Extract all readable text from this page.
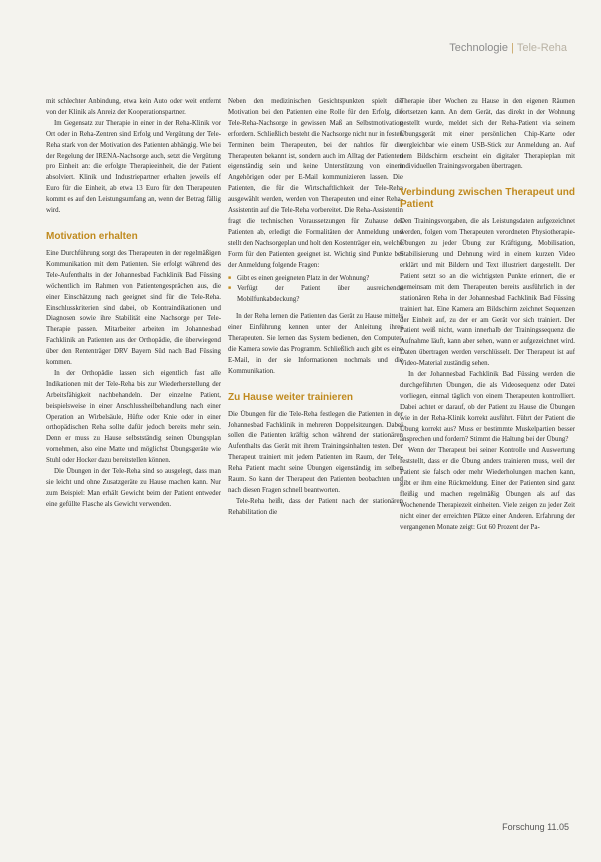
Technologie | Tele-Reha

mit schlechter Anbindung, etwa kein Auto oder weit entfernt von der Klinik als Anreiz der Kooperationspartner.

Im Gegensatz zur Therapie in einer in der Reha-Klinik vor Ort oder in Reha-Zentren sind Erfolg und Vergütung der Tele-Reha stark von der Motivation des Patienten abhängig. Wie bei der Regelung der IRENA-Nachsorge auch, setzt die Vergütung pro Einheit an: die erfolgte Therapieeinheit, die der Patient absolviert. Klinik und Industriepartner erhalten jeweils elf Euro für die Einheit, ab etwa 13 Euro für den Therapeuten kommt es auf den Leistungsumfang an, wenn der Betrag fällig wird.

Motivation erhalten

Eine Durchführung sorgt des Therapeuten in der regelmäßigen Kommunikation mit dem Patienten. Sie erfolgt während des Tele-Aufenthalts in der Johannesbad Fachklinik Bad Füssing wöchentlich im Rahmen von Patientengesprächen aus, die einer Einschätzung nach geeignet sind für die Tele-Reha. Einschlusskriterien sind dabei, ob Kontraindikationen und Diagnosen sowie ihre Stabilität eine Nachsorge per Tele-Therapie passen. Mitarbeiter arbeiten im Johannesbad Fachklinik an Patienten aus der Orthopädie, die überwiegend über den Rententräger DRV Bayern Süd nach Bad Füssing kommen.

In der Orthopädie lassen sich eigentlich fast alle Indikationen mit der Tele-Reha bis zur Wiederherstellung der Arbeitsfähigkeit nachbehandeln. Der einzelne Patient, beispielsweise in einer Anschlussheilbehandlung nach einer Operation an Wirbelsäule, Hüfte oder Knie oder in einer orthopädischen Reha sollte dafür jedoch bereits mehr sein. Denn er muss zu Hause selbstständig seinen Übungsplan vornehmen, also eine Matte und möglichst Übungsgeräte wie Stuhl oder Hocker dazu bereitstellen können.

Die Übungen in der Tele-Reha sind so ausgelegt, dass man sie leicht und ohne Zusatzgeräte zu Hause machen kann. Nur zum Beispiel: Man erhält Gewicht beim der Patient entweder eine gefüllte Flasche als Gewicht verwenden.

Neben den medizinischen Gesichtspunkten spielt die Motivation bei den Patienten eine Rolle für den Erfolg, die Tele-Reha-Nachsorge in gewissen Maß an Selbstmotivation erfordern. Schließlich besteht die Nachsorge nicht nur in festen Terminen beim Therapeuten, bei der nahtlos für die Therapeuten bekannt ist, sondern auch im Alltag der Patienten eigenständig sein und keine Unterstützung von einem Angehörigen oder per E-Mail kommunizieren lassen. Die Patienten, die für die Wirtschaftlichkeit der Tele-Reha ausgewählt werden, werden von Therapeuten und einer Reha-Assistentin auf die Tele-Reha vorbereitet. Die Reha-Assistentin fragt die technischen Voraussetzungen für Zuhause des Patienten ab, erledigt die Formalitäten der Anmeldung und stellt den Nachsorgeplan und holt den Kostenträger ein, welche Form für den Patienten geeignet ist. Wichtig sind Punkte bei der Anmeldung folgende Fragen:

■ Gibt es einen geeigneten Platz in der Wohnung?
■ Verfügt der Patient über ausreichende Mobilfunkabdeckung?

In der Reha lernen die Patienten das Gerät zu Hause mittels einer Einführung kennen unter der Anleitung ihres Therapeuten. Sie lernen das System bedienen, den Computer, die Kamera sowie das Programm. Schließlich auch gibt es eine E-Mail, in der sie Informationen nochmals und die Kommunikation.

Zu Hause weiter trainieren

Die Übungen für die Tele-Reha festlegen die Patienten in der Johannesbad Fachklinik in mehreren Doppelsitzungen. Dabei sollen die Patienten kräftig schon während der stationären Aufenthalts das Gerät mit ihrem Trainingsinhalten testen. Der Therapeut trainiert mit jedem Patienten im Raum, der Tele-Reha Patient macht seine Übungen eigenständig im selben Raum. So kann der Therapeut den Patienten beobachten und nach diesen Fragen schnell beantworten.

Tele-Reha heißt, dass der Patient nach der stationären Rehabilitation die

Therapie über Wochen zu Hause in den eigenen Räumen fortsetzen kann. An dem Gerät, das direkt in der Wohnung gestellt wurde, meldet sich der Reha-Patient via seinem Übungsgerät mit einer persönlichen Chip-Karte oder vergleichbar wie einem USB-Stick zur Anmeldung an. Auf dem Bildschirm erscheint ein digitaler Therapieplan mit individuellen Trainingsvorgaben übertragen.

Verbindung zwischen Therapeut und Patient

Den Trainingsvorgaben, die als Leistungsdaten aufgezeichnet werden, folgen vom Therapeuten verordneten Physiotherapie-Übungen zu jeder Übung zur Kräftigung, Mobilisation, Stabilisierung und Dehnung wird in einem kurzen Video erklärt und mit Bildern und Text illustriert dargestellt. Der Patient setzt so an die wichtigsten Punkte erinnert, die er gemeinsam mit dem Therapeuten bereits ausführlich in der stationären Reha in der Johannesbad Fachklinik Bad Füssing trainiert hat. Eine Kamera am Bildschirm zeichnet Sequenzen der Einheit auf, zu der er am Gerät vor sich trainiert. Der Patient weiß nicht, wann innerhalb der Trainingssequenz die Aufnahme läuft, kann aber sehen, wann er aufgezeichnet wird. Daten übertragen werden verschlüsselt. Der Therapeut ist auf Video-Material zuständig sehen.

In der Johannesbad Fachklinik Bad Füssing werden die durchgeführten Übungen, die als Videosequenz oder Datei vorliegen, einmal täglich von einem Therapeuten kontrolliert. Dabei achtet er darauf, ob der Patient zu Hause die Übungen wie in der Reha-Klinik korrekt ausführt. Führt der Patient die Übung korrekt aus? Muss er bestimmte Muskelpartien besser ansprechen und fordern? Stimmt die Haltung bei der Übung?

Wenn der Therapeut bei seiner Kontrolle und Auswertung feststellt, dass er die Übung anders trainieren muss, weil der Patient sie falsch oder mehr Wiederholungen machen kann, gibt er ihm eine Rückmeldung. Einer der Patienten sind ganz fleißig und machen regelmäßig Übungen als auf das Wochenende Therapiezeit einheiten. Viele zeigen zu jeder Zeit nicht einer der erreichten Plätze einer Anderen. Erfahrung der vergangenen Monate zeigt: Gut 60 Prozent der Pa-

Forschung 11.05
